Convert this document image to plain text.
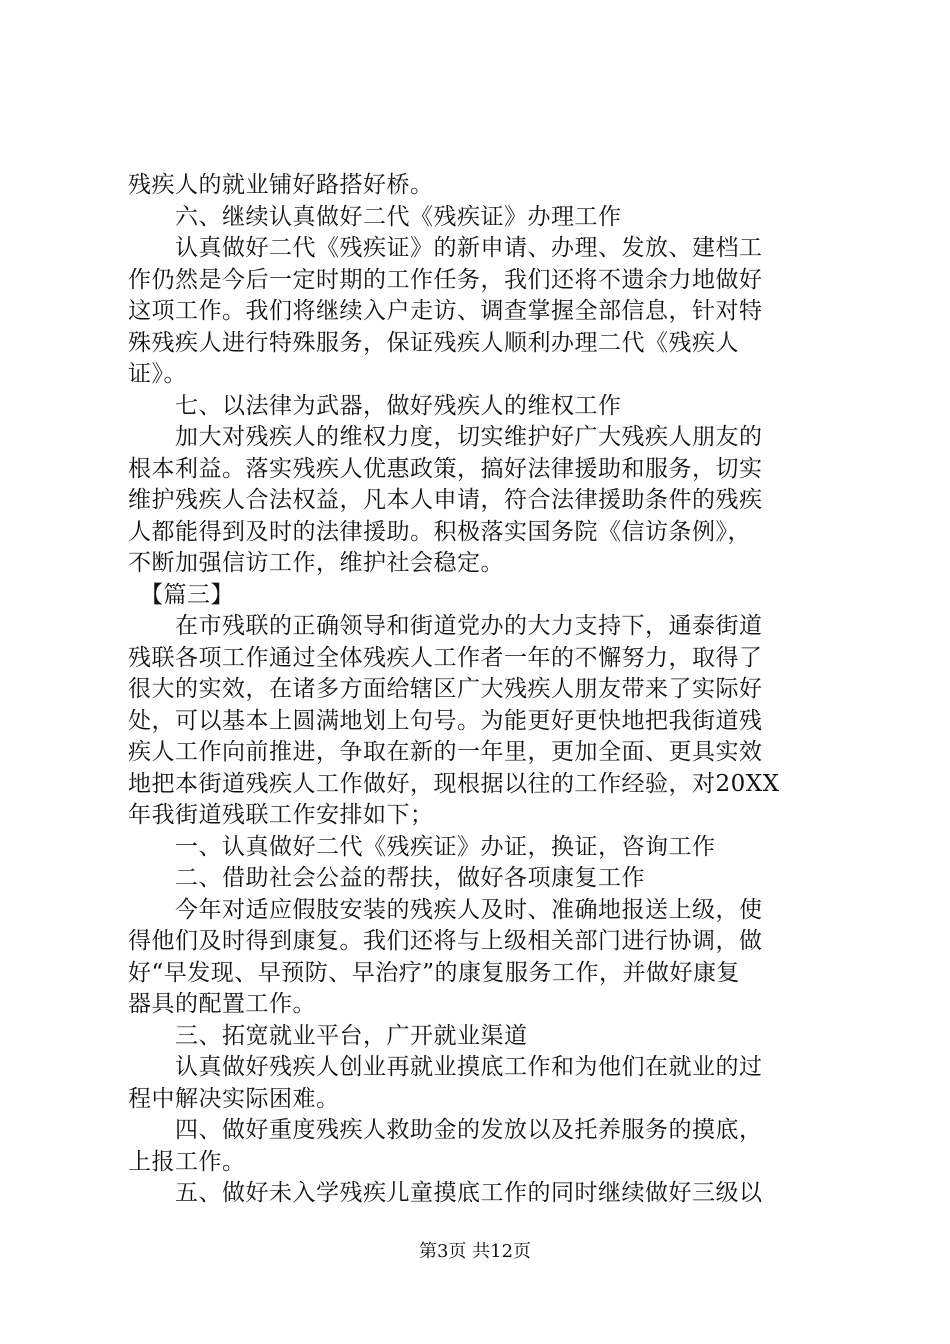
残疾人的就业铺好路搭好桥。
　　六、继续认真做好二代《残疾证》办理工作
　　认真做好二代《残疾证》的新申请、办理、发放、建档工
作仍然是今后一定时期的工作任务，我们还将不遗余力地做好
这项工作。我们将继续入户走访、调查掌握全部信息，针对特
殊残疾人进行特殊服务，保证残疾人顺利办理二代《残疾人
证》。
　　七、以法律为武器，做好残疾人的维权工作
　　加大对残疾人的维权力度，切实维护好广大残疾人朋友的
根本利益。落实残疾人优惠政策，搞好法律援助和服务，切实
维护残疾人合法权益，凡本人申请，符合法律援助条件的残疾
人都能得到及时的法律援助。积极落实国务院《信访条例》，
不断加强信访工作，维护社会稳定。
　【篇三】
　　在市残联的正确领导和街道党办的大力支持下，通泰街道
残联各项工作通过全体残疾人工作者一年的不懈努力，取得了
很大的实效，在诸多方面给辖区广大残疾人朋友带来了实际好
处，可以基本上圆满地划上句号。为能更好更快地把我街道残
疾人工作向前推进，争取在新的一年里，更加全面、更具实效
地把本街道残疾人工作做好，现根据以往的工作经验，对20XX
年我街道残联工作安排如下；
　　一、认真做好二代《残疾证》办证，换证，咨询工作
　　二、借助社会公益的帮扶，做好各项康复工作
　　今年对适应假肢安装的残疾人及时、准确地报送上级，使
得他们及时得到康复。我们还将与上级相关部门进行协调，做
好“早发现、早预防、早治疗”的康复服务工作，并做好康复
器具的配置工作。
　　三、拓宽就业平台，广开就业渠道
　　认真做好残疾人创业再就业摸底工作和为他们在就业的过
程中解决实际困难。
　　四、做好重度残疾人救助金的发放以及托养服务的摸底，
上报工作。
　　五、做好未入学残疾儿童摸底工作的同时继续做好三级以
第3页 共12页
